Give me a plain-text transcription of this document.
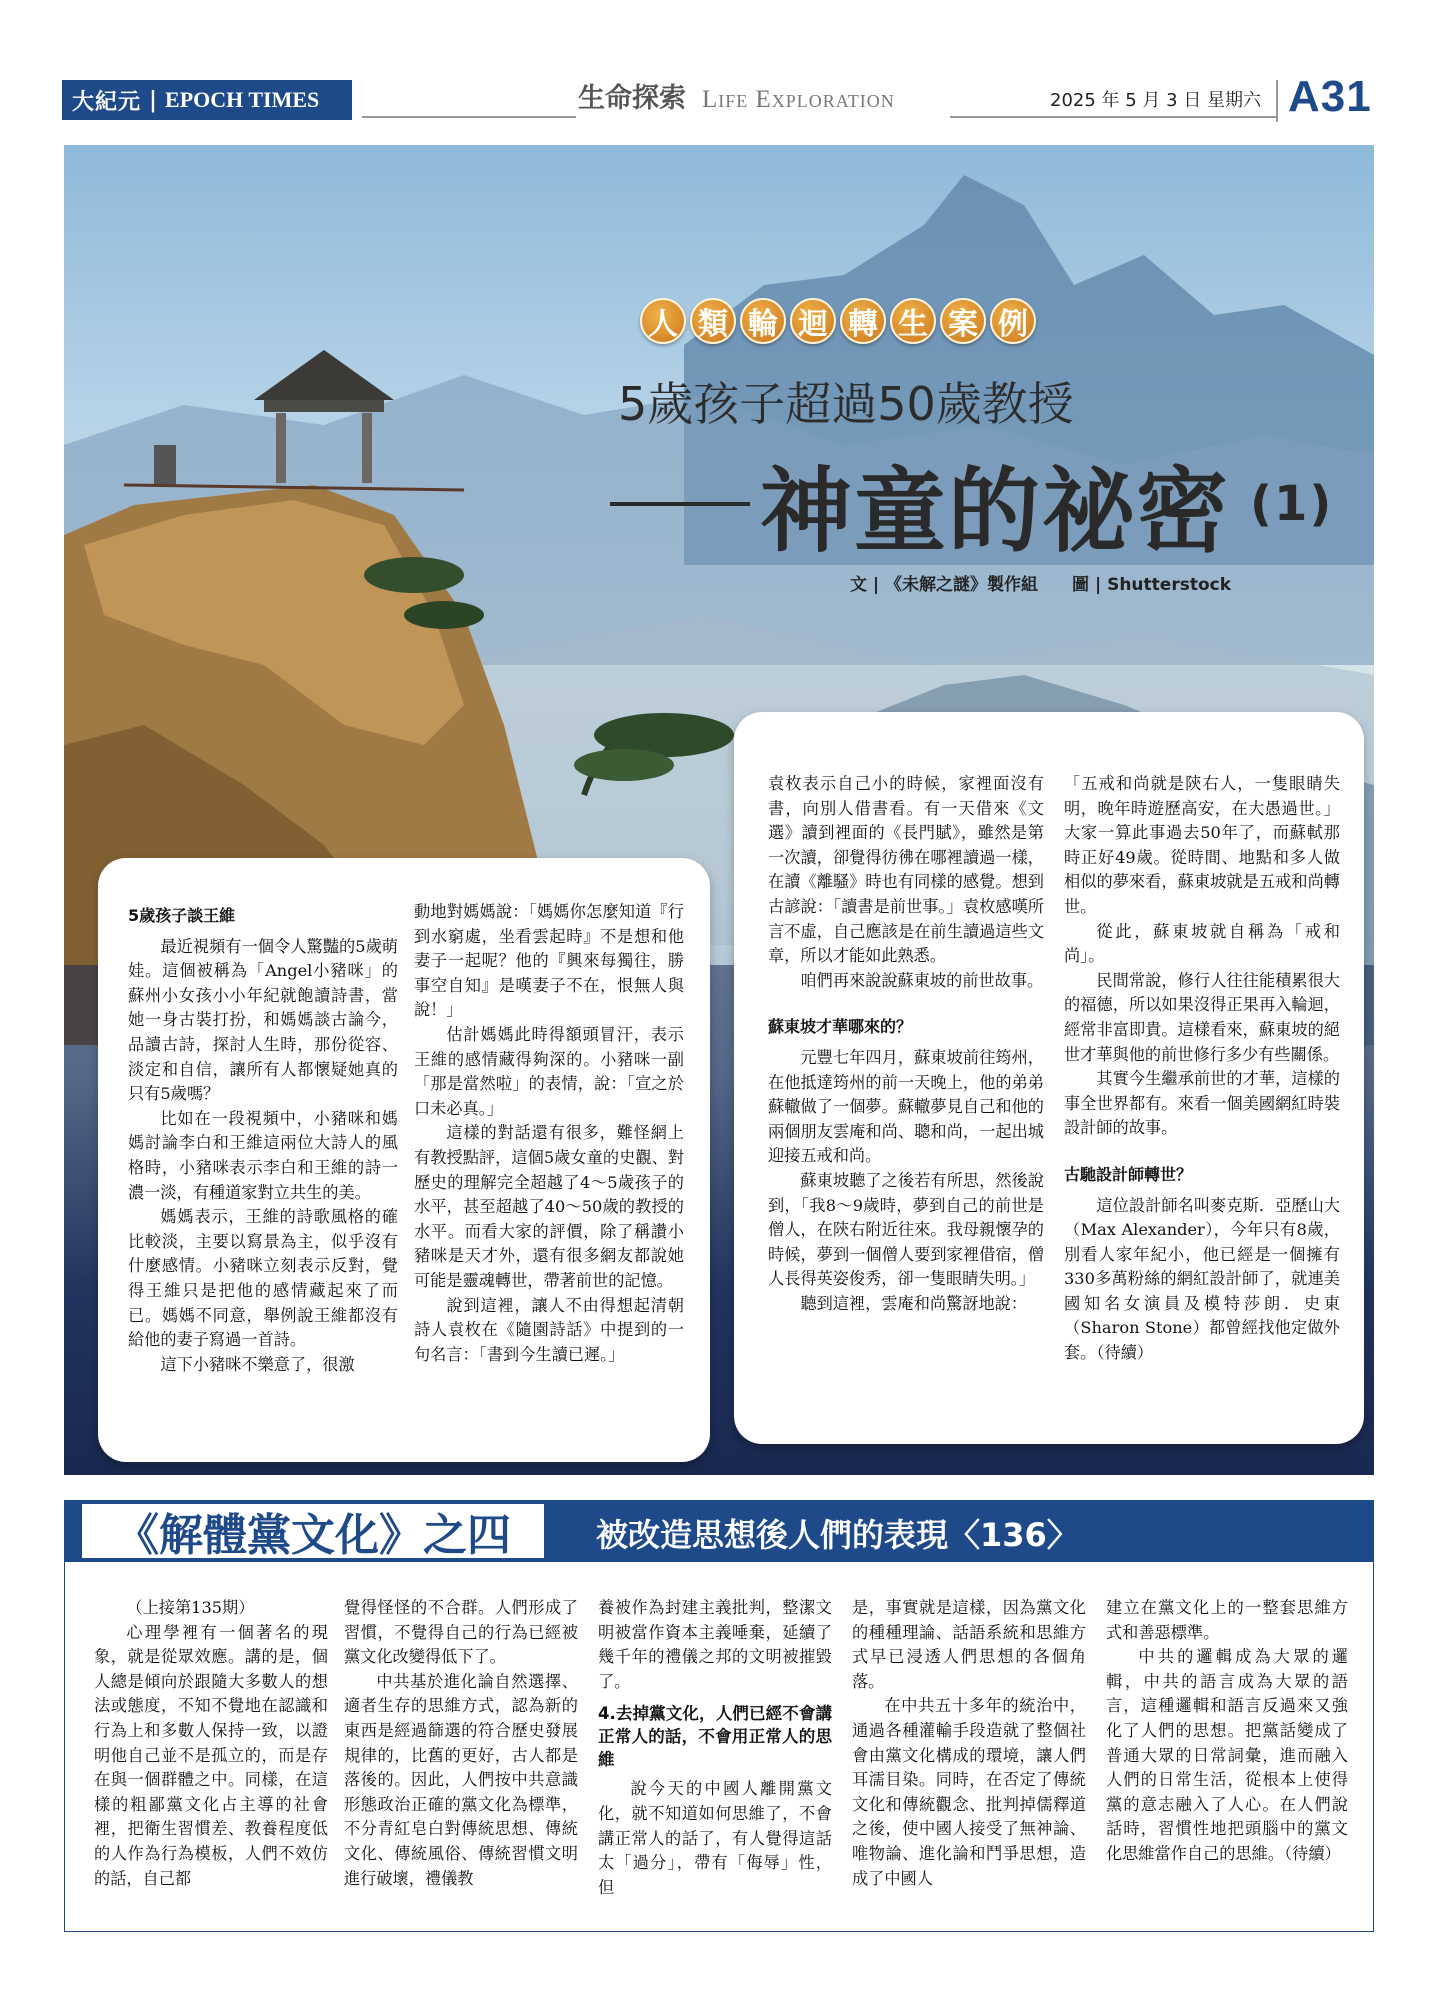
大紀元 | EPOCH TIMES	生命探索 Life Exploration	2025 年 5 月 3 日 星期六 A31
人 類 輪 迴 轉 生 案 例
5歲孩子超過50歲教授
神童的祕密 (1)
文 | 《未解之謎》製作組　　圖 | Shutterstock
5歲孩子談王維

最近視頻有一個令人驚豔的5歲萌娃。這個被稱為「Angel小豬咪」的蘇州小女孩小小年紀就飽讀詩書，當她一身古裝打扮，和媽媽談古論今，品讀古詩，探討人生時，那份從容、淡定和自信，讓所有人都懷疑她真的只有5歲嗎？

比如在一段視頻中，小豬咪和媽媽討論李白和王維這兩位大詩人的風格時，小豬咪表示李白和王維的詩一濃一淡，有種道家對立共生的美。

媽媽表示，王維的詩歌風格的確比較淡，主要以寫景為主，似乎沒有什麼感情。小豬咪立刻表示反對，覺得王維只是把他的感情藏起來了而已。媽媽不同意，舉例說王維都沒有給他的妻子寫過一首詩。

這下小豬咪不樂意了，很激

動地對媽媽說：「媽媽你怎麼知道『行到水窮處，坐看雲起時』不是想和他妻子一起呢？他的『興來每獨往，勝事空自知』是嘆妻子不在，恨無人與說！」

估計媽媽此時得額頭冒汗，表示王維的感情藏得夠深的。小豬咪一副「那是當然啦」的表情，說：「宣之於口未必真。」

這樣的對話還有很多，難怪網上有教授點評，這個5歲女童的史觀、對歷史的理解完全超越了4～5歲孩子的水平，甚至超越了40～50歲的教授的水平。而看大家的評價，除了稱讚小豬咪是天才外，還有很多網友都說她可能是靈魂轉世，帶著前世的記憶。

說到這裡，讓人不由得想起清朝詩人袁枚在《隨園詩話》中提到的一句名言：「書到今生讀已遲。」

袁枚表示自己小的時候，家裡面沒有書，向別人借書看。有一天借來《文選》讀到裡面的《長門賦》，雖然是第一次讀，卻覺得彷彿在哪裡讀過一樣，在讀《離騷》時也有同樣的感覺。想到古諺說：「讀書是前世事。」袁枚感嘆所言不虛，自己應該是在前生讀過這些文章，所以才能如此熟悉。

咱們再來說說蘇東坡的前世故事。

蘇東坡才華哪來的？

元豐七年四月，蘇東坡前往筠州，在他抵達筠州的前一天晚上，他的弟弟蘇轍做了一個夢。蘇轍夢見自己和他的兩個朋友雲庵和尚、聰和尚，一起出城迎接五戒和尚。

蘇東坡聽了之後若有所思，然後說到，「我8～9歲時，夢到自己的前世是僧人，在陝右附近往來。我母親懷孕的時候，夢到一個僧人要到家裡借宿，僧人長得英姿俊秀，卻一隻眼睛失明。」

聽到這裡，雲庵和尚驚訝地說：

「五戒和尚就是陝右人，一隻眼睛失明，晚年時遊歷高安，在大愚過世。」大家一算此事過去50年了，而蘇軾那時正好49歲。從時間、地點和多人做相似的夢來看，蘇東坡就是五戒和尚轉世。

從此，蘇東坡就自稱為「戒和尚」。

民間常說，修行人往往能積累很大的福德，所以如果沒得正果再入輪迴，經常非富即貴。這樣看來，蘇東坡的絕世才華與他的前世修行多少有些關係。

其實今生繼承前世的才華，這樣的事全世界都有。來看一個美國網紅時裝設計師的故事。

古馳設計師轉世？

這位設計師名叫麥克斯．亞歷山大（Max Alexander），今年只有8歲，別看人家年紀小，他已經是一個擁有330多萬粉絲的網紅設計師了，就連美國知名女演員及模特莎朗．史東（Sharon Stone）都曾經找他定做外套。（待續）

《解體黨文化》之四	被改造思想後人們的表現〈136〉

（上接第135期）

心理學裡有一個著名的現象，就是從眾效應。講的是，個人總是傾向於跟隨大多數人的想法或態度，不知不覺地在認識和行為上和多數人保持一致，以證明他自己並不是孤立的，而是存在與一個群體之中。同樣，在這樣的粗鄙黨文化占主導的社會裡，把衛生習慣差、教養程度低的人作為行為模板，人們不效仿的話，自己都

覺得怪怪的不合群。人們形成了習慣，不覺得自己的行為已經被黨文化改變得低下了。

中共基於進化論自然選擇、適者生存的思維方式，認為新的東西是經過篩選的符合歷史發展規律的，比舊的更好，古人都是落後的。因此，人們按中共意識形態政治正確的黨文化為標準，不分青紅皂白對傳統思想、傳統文化、傳統風俗、傳統習慣文明進行破壞，禮儀教

養被作為封建主義批判，整潔文明被當作資本主義唾棄，延續了幾千年的禮儀之邦的文明被摧毀了。

4.去掉黨文化，人們已經不會講正常人的話，不會用正常人的思維

說今天的中國人離開黨文化，就不知道如何思維了，不會講正常人的話了，有人覺得這話太「過分」，帶有「侮辱」性，但

是，事實就是這樣，因為黨文化的種種理論、話語系統和思維方式早已浸透人們思想的各個角落。

在中共五十多年的統治中，通過各種灌輸手段造就了整個社會由黨文化構成的環境，讓人們耳濡目染。同時，在否定了傳統文化和傳統觀念、批判掉儒釋道之後，使中國人接受了無神論、唯物論、進化論和鬥爭思想，造成了中國人

建立在黨文化上的一整套思維方式和善惡標準。

中共的邏輯成為大眾的邏輯，中共的語言成為大眾的語言，這種邏輯和語言反過來又強化了人們的思想。把黨話變成了普通大眾的日常詞彙，進而融入人們的日常生活，從根本上使得黨的意志融入了人心。在人們說話時，習慣性地把頭腦中的黨文化思維當作自己的思維。（待續）
